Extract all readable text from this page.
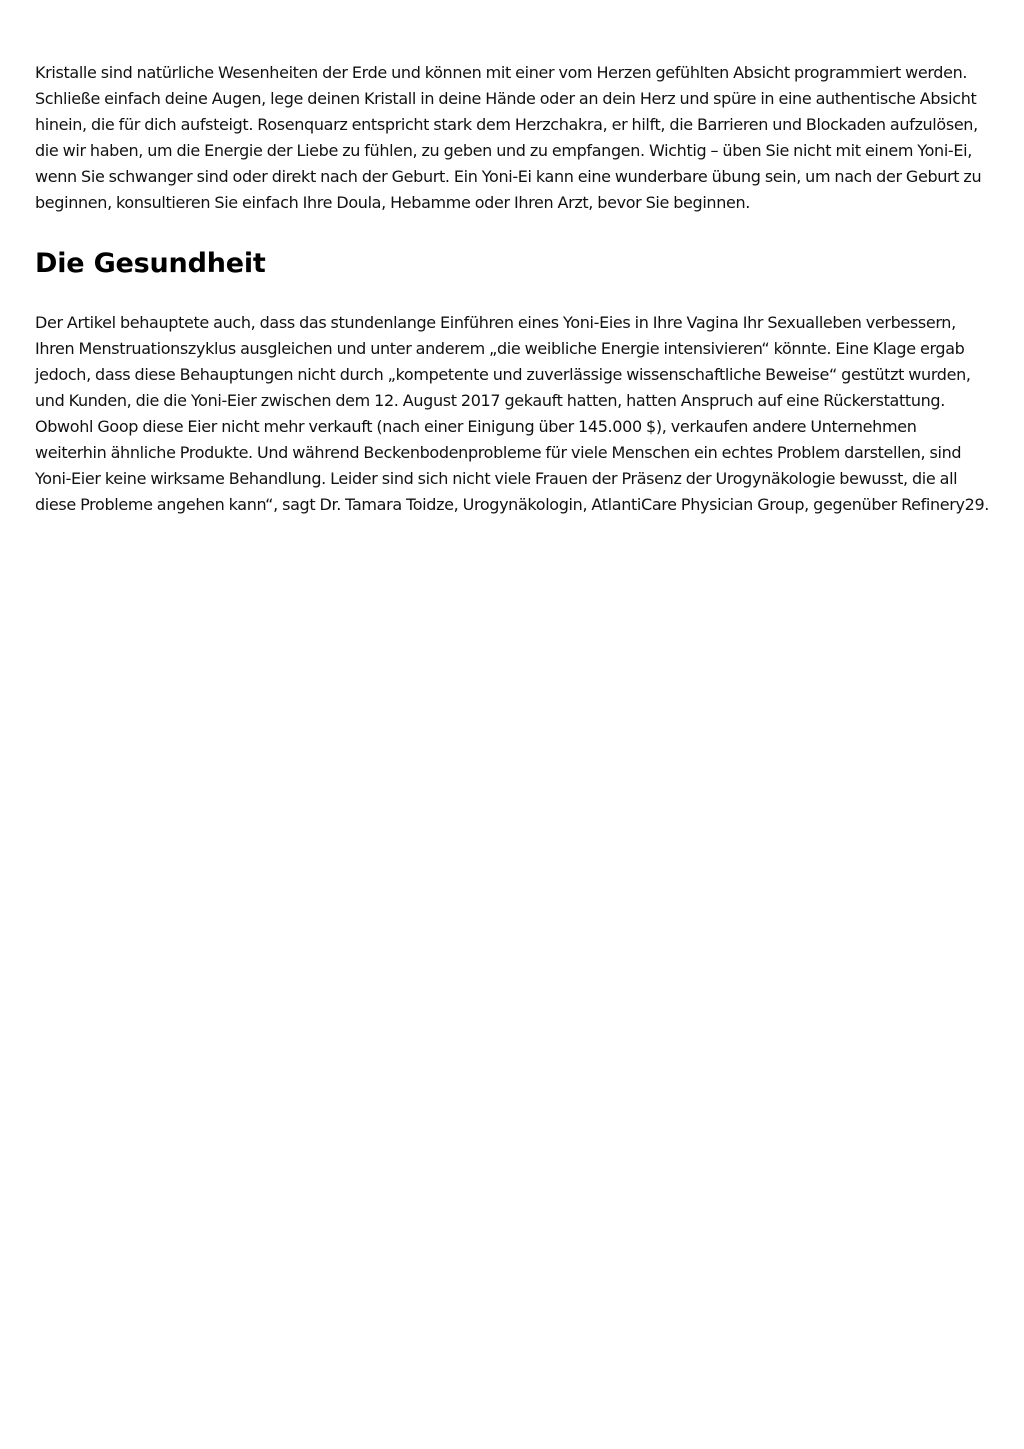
Kristalle sind natürliche Wesenheiten der Erde und können mit einer vom Herzen gefühlten Absicht programmiert werden. Schließe einfach deine Augen, lege deinen Kristall in deine Hände oder an dein Herz und spüre in eine authentische Absicht hinein, die für dich aufsteigt. Rosenquarz entspricht stark dem Herzchakra, er hilft, die Barrieren und Blockaden aufzulösen, die wir haben, um die Energie der Liebe zu fühlen, zu geben und zu empfangen. Wichtig – üben Sie nicht mit einem Yoni-Ei, wenn Sie schwanger sind oder direkt nach der Geburt. Ein Yoni-Ei kann eine wunderbare übung sein, um nach der Geburt zu beginnen, konsultieren Sie einfach Ihre Doula, Hebamme oder Ihren Arzt, bevor Sie beginnen.

Die Gesundheit

Der Artikel behauptete auch, dass das stundenlange Einführen eines Yoni-Eies in Ihre Vagina Ihr Sexualleben verbessern, Ihren Menstruationszyklus ausgleichen und unter anderem „die weibliche Energie intensivieren“ könnte. Eine Klage ergab jedoch, dass diese Behauptungen nicht durch „kompetente und zuverlässige wissenschaftliche Beweise“ gestützt wurden, und Kunden, die die Yoni-Eier zwischen dem 12. August 2017 gekauft hatten, hatten Anspruch auf eine Rückerstattung. Obwohl Goop diese Eier nicht mehr verkauft (nach einer Einigung über 145.000 $), verkaufen andere Unternehmen weiterhin ähnliche Produkte. Und während Beckenbodenprobleme für viele Menschen ein echtes Problem darstellen, sind Yoni-Eier keine wirksame Behandlung. Leider sind sich nicht viele Frauen der Präsenz der Urogynäkologie bewusst, die all diese Probleme angehen kann“, sagt Dr. Tamara Toidze, Urogynäkologin, AtlantiCare Physician Group, gegenüber Refinery29.
